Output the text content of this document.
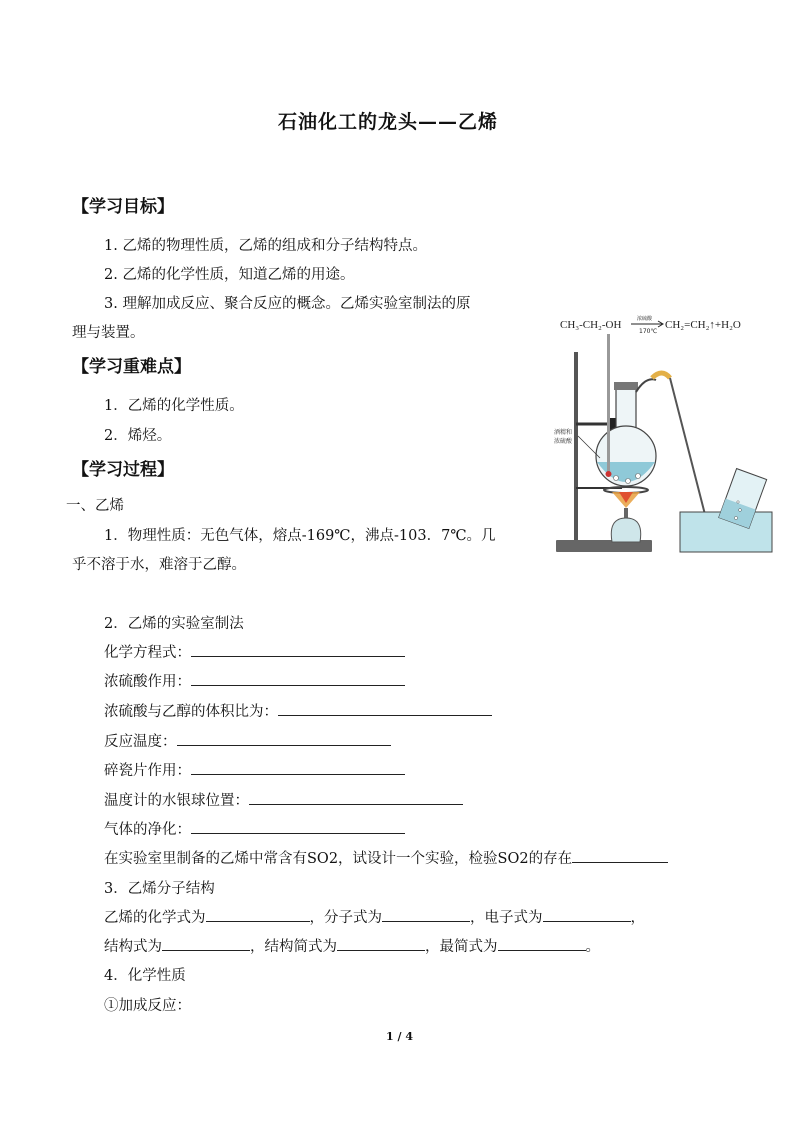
石油化工的龙头——乙烯
【学习目标】
1. 乙烯的物理性质，乙烯的组成和分子结构特点。
2. 乙烯的化学性质，知道乙烯的用途。
3. 理解加成反应、聚合反应的概念。乙烯实验室制法的原
理与装置。
【学习重难点】
1．乙烯的化学性质。
2．烯烃。
【学习过程】
一、乙烯
1．物理性质：无色气体，熔点-169℃，沸点-103．7℃。几
乎不溶于水，难溶于乙醇。
2．乙烯的实验室制法
化学方程式：
浓硫酸作用：
浓硫酸与乙醇的体积比为：
反应温度：
碎瓷片作用：
温度计的水银球位置：
气体的净化：
在实验室里制备的乙烯中常含有SO2，试设计一个实验，检验SO2的存在
3．乙烯分子结构
乙烯的化学式为	，分子式为	，电子式为	，
结构式为	，结构简式为	，最简式为	。
4．化学性质
①加成反应：
1 / 4
CH₃-CH₂-OH	浓硫酸
170℃
CH₂=CH₂↑+H₂O
酒精和
浓硫酸
